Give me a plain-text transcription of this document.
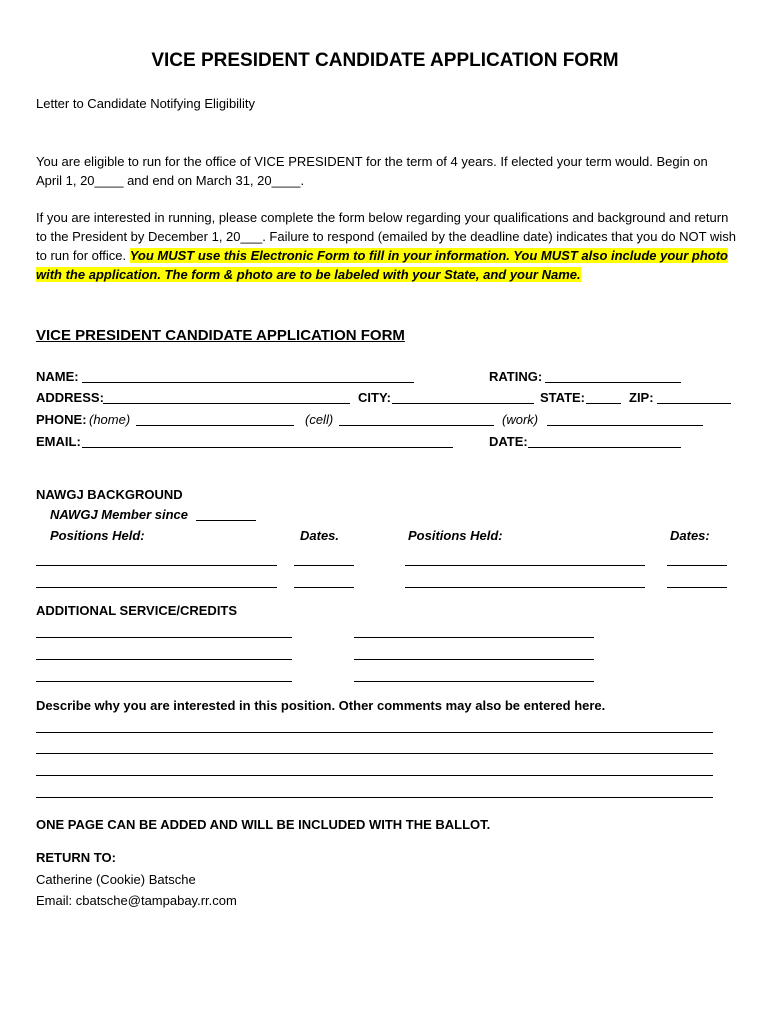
VICE PRESIDENT CANDIDATE APPLICATION FORM
Letter to Candidate Notifying Eligibility
You are eligible to run for the office of VICE PRESIDENT for the term of 4 years. If elected your term would. Begin on April 1, 20____ and end on March 31, 20____.
If you are interested in running, please complete the form below regarding your qualifications and background and return to the President by December 1, 20___. Failure to respond (emailed by the deadline date) indicates that you do NOT wish to run for office. You MUST use this Electronic Form to fill in your information. You MUST also include your photo with the application. The form & photo are to be labeled with your State, and your Name.
VICE PRESIDENT CANDIDATE APPLICATION FORM
NAME:	RATING:
ADDRESS:	CITY:	STATE:	ZIP:
PHONE: (home)	(cell)	(work)
EMAIL:	DATE:
NAWGJ BACKGROUND
NAWGJ Member since
Positions Held:	Dates.	Positions Held:	Dates:
ADDITIONAL SERVICE/CREDITS
Describe why you are interested in this position. Other comments may also be entered here.
ONE PAGE CAN BE ADDED AND WILL BE INCLUDED WITH THE BALLOT.
RETURN TO:
Catherine (Cookie) Batsche
Email: cbatsche@tampabay.rr.com
